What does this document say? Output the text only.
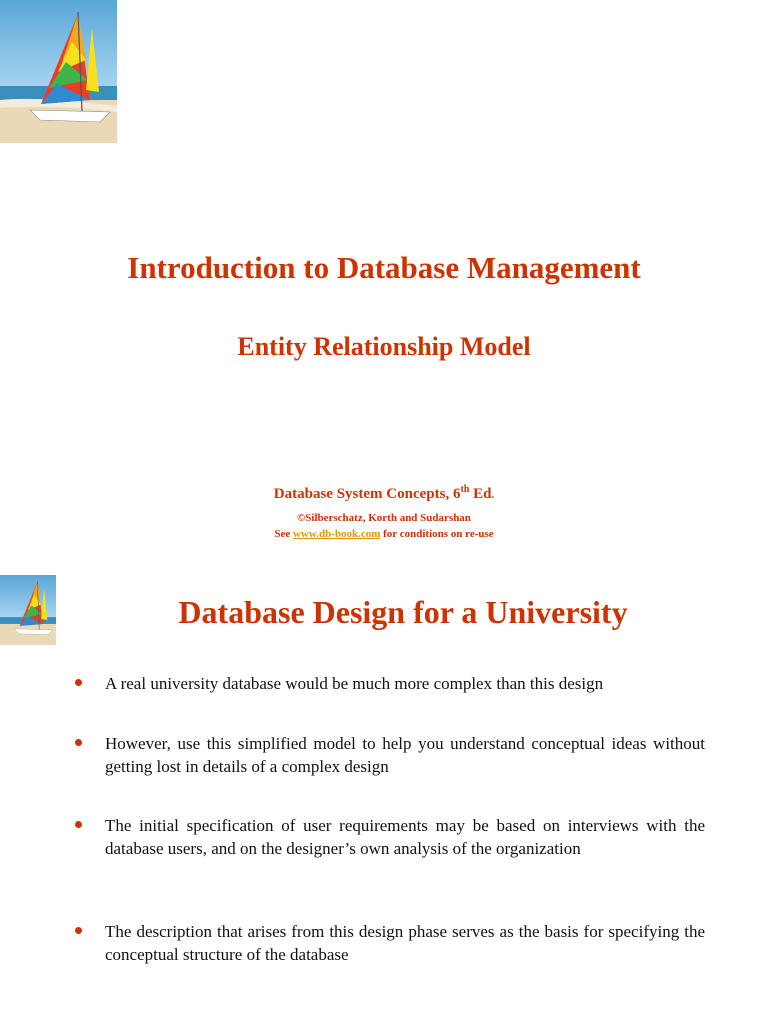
Introduction to Database Management
Entity Relationship Model
Database System Concepts, 6th Ed.
©Silberschatz, Korth and Sudarshan
See www.db-book.com for conditions on re-use
Database Design for a University
A real university database would be much more complex than this design
However, use this simplified model to help you understand conceptual ideas without getting lost in details of a complex design
The initial specification of user requirements may be based on interviews with the database users, and on the designer’s own analysis of the organization
The description that arises from this design phase serves as the basis for specifying the conceptual structure of the database
